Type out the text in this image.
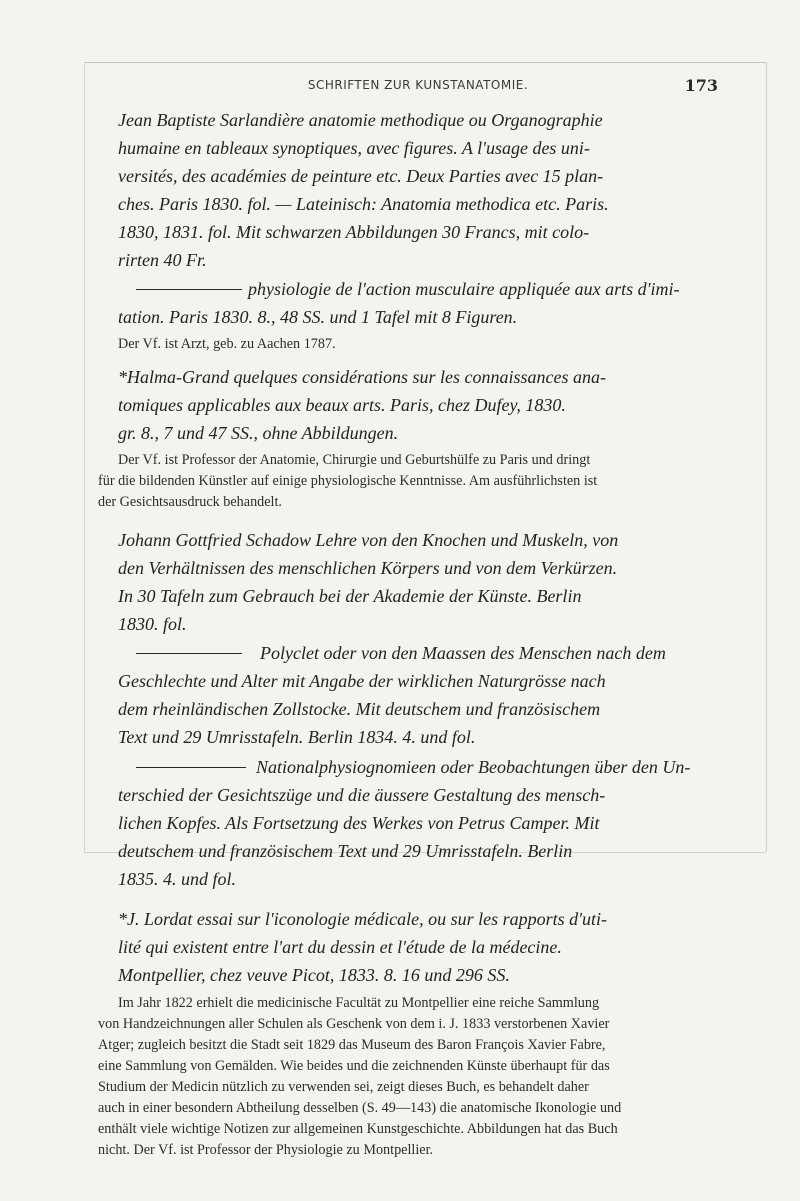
SCHRIFTEN ZUR KUNSTANATOMIE.	173
Jean Baptiste Sarlandière anatomie methodique ou Organographie
humaine en tableaux synoptiques, avec figures. A l'usage des uni-
versités, des académies de peinture etc. Deux Parties avec 15 plan-
ches. Paris 1830. fol. — Lateinisch: Anatomia methodica etc. Paris.
1830, 1831. fol. Mit schwarzen Abbildungen 30 Francs, mit colo-
rirten 40 Fr.
physiologie de l'action musculaire appliquée aux arts d'imi-
tation. Paris 1830. 8., 48 SS. und 1 Tafel mit 8 Figuren.
Der Vf. ist Arzt, geb. zu Aachen 1787.
*Halma-Grand quelques considérations sur les connaissances ana-
tomiques applicables aux beaux arts. Paris, chez Dufey, 1830.
gr. 8., 7 und 47 SS., ohne Abbildungen.
Der Vf. ist Professor der Anatomie, Chirurgie und Geburtshülfe zu Paris und dringt
für die bildenden Künstler auf einige physiologische Kenntnisse. Am ausführlichsten ist
der Gesichtsausdruck behandelt.
Johann Gottfried Schadow Lehre von den Knochen und Muskeln, von
den Verhältnissen des menschlichen Körpers und von dem Verkürzen.
In 30 Tafeln zum Gebrauch bei der Akademie der Künste. Berlin
1830. fol.
Polyclet oder von den Maassen des Menschen nach dem
Geschlechte und Alter mit Angabe der wirklichen Naturgrösse nach
dem rheinländischen Zollstocke. Mit deutschem und französischem
Text und 29 Umrisstafeln. Berlin 1834. 4. und fol.
Nationalphysiognomieen oder Beobachtungen über den Un-
terschied der Gesichtszüge und die äussere Gestaltung des mensch-
lichen Kopfes. Als Fortsetzung des Werkes von Petrus Camper. Mit
deutschem und französischem Text und 29 Umrisstafeln. Berlin
1835. 4. und fol.
*J. Lordat essai sur l'iconologie médicale, ou sur les rapports d'uti-
lité qui existent entre l'art du dessin et l'étude de la médecine.
Montpellier, chez veuve Picot, 1833. 8. 16 und 296 SS.
Im Jahr 1822 erhielt die medicinische Facultät zu Montpellier eine reiche Sammlung
von Handzeichnungen aller Schulen als Geschenk von dem i. J. 1833 verstorbenen Xavier
Atger; zugleich besitzt die Stadt seit 1829 das Museum des Baron François Xavier Fabre,
eine Sammlung von Gemälden. Wie beides und die zeichnenden Künste überhaupt für das
Studium der Medicin nützlich zu verwenden sei, zeigt dieses Buch, es behandelt daher
auch in einer besondern Abtheilung desselben (S. 49—143) die anatomische Ikonologie und
enthält viele wichtige Notizen zur allgemeinen Kunstgeschichte. Abbildungen hat das Buch
nicht. Der Vf. ist Professor der Physiologie zu Montpellier.
